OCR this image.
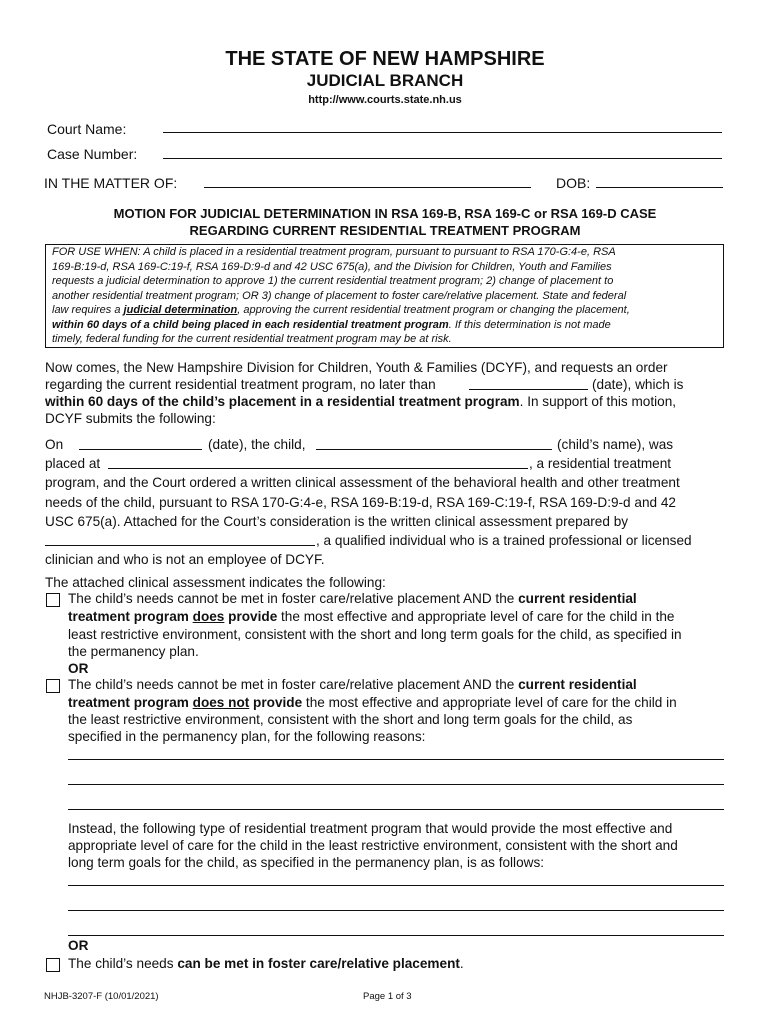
THE STATE OF NEW HAMPSHIRE
JUDICIAL BRANCH
http://www.courts.state.nh.us
Court Name:
Case Number:
IN THE MATTER OF:	DOB:
MOTION FOR JUDICIAL DETERMINATION IN RSA 169-B, RSA 169-C or RSA 169-D CASE
REGARDING CURRENT RESIDENTIAL TREATMENT PROGRAM
FOR USE WHEN: A child is placed in a residential treatment program, pursuant to pursuant to RSA 170-G:4-e, RSA
169-B:19-d, RSA 169-C:19-f, RSA 169-D:9-d and 42 USC 675(a), and the Division for Children, Youth and Families
requests a judicial determination to approve 1) the current residential treatment program; 2) change of placement to
another residential treatment program; OR 3) change of placement to foster care/relative placement. State and federal
law requires a judicial determination, approving the current residential treatment program or changing the placement,
within 60 days of a child being placed in each residential treatment program. If this determination is not made
timely, federal funding for the current residential treatment program may be at risk.
Now comes, the New Hampshire Division for Children, Youth & Families (DCYF), and requests an order
regarding the current residential treatment program, no later than	(date), which is
within 60 days of the child’s placement in a residential treatment program. In support of this motion,
DCYF submits the following:
On	(date), the child,	(child’s name), was
placed at	, a residential treatment
program, and the Court ordered a written clinical assessment of the behavioral health and other treatment
needs of the child, pursuant to RSA 170-G:4-e, RSA 169-B:19-d, RSA 169-C:19-f, RSA 169-D:9-d and 42
USC 675(a). Attached for the Court’s consideration is the written clinical assessment prepared by
, a qualified individual who is a trained professional or licensed
clinician and who is not an employee of DCYF.
The attached clinical assessment indicates the following:
The child’s needs cannot be met in foster care/relative placement AND the current residential
treatment program does provide the most effective and appropriate level of care for the child in the
least restrictive environment, consistent with the short and long term goals for the child, as specified in
the permanency plan.
OR
The child’s needs cannot be met in foster care/relative placement AND the current residential
treatment program does not provide the most effective and appropriate level of care for the child in
the least restrictive environment, consistent with the short and long term goals for the child, as
specified in the permanency plan, for the following reasons:
Instead, the following type of residential treatment program that would provide the most effective and
appropriate level of care for the child in the least restrictive environment, consistent with the short and
long term goals for the child, as specified in the permanency plan, is as follows:
OR
The child’s needs can be met in foster care/relative placement.
NHJB-3207-F (10/01/2021)	Page 1 of 3
